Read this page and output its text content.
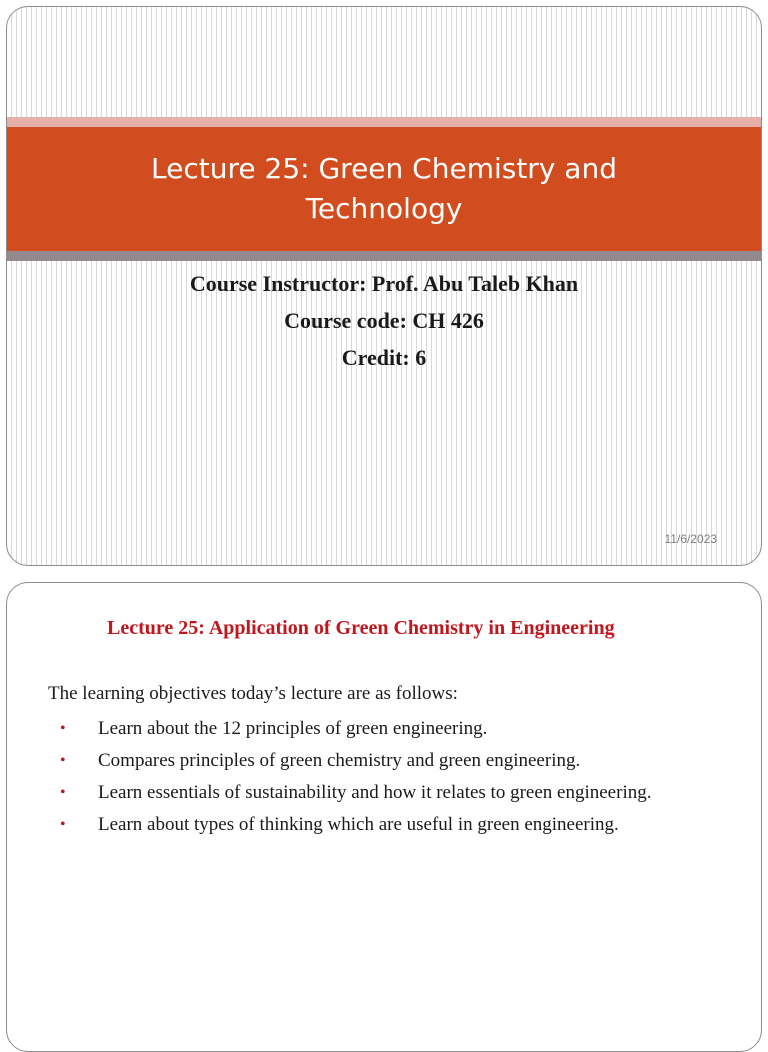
Lecture 25: Green Chemistry and Technology

Course Instructor: Prof. Abu Taleb Khan

Course code: CH 426

Credit: 6

11/6/2023

Lecture 25: Application of Green Chemistry in Engineering

The learning objectives today’s lecture are as follows:

• Learn about the 12 principles of green engineering.
• Compares principles of green chemistry and green engineering.
• Learn essentials of sustainability and how it relates to green engineering.
• Learn about types of thinking which are useful in green engineering.
